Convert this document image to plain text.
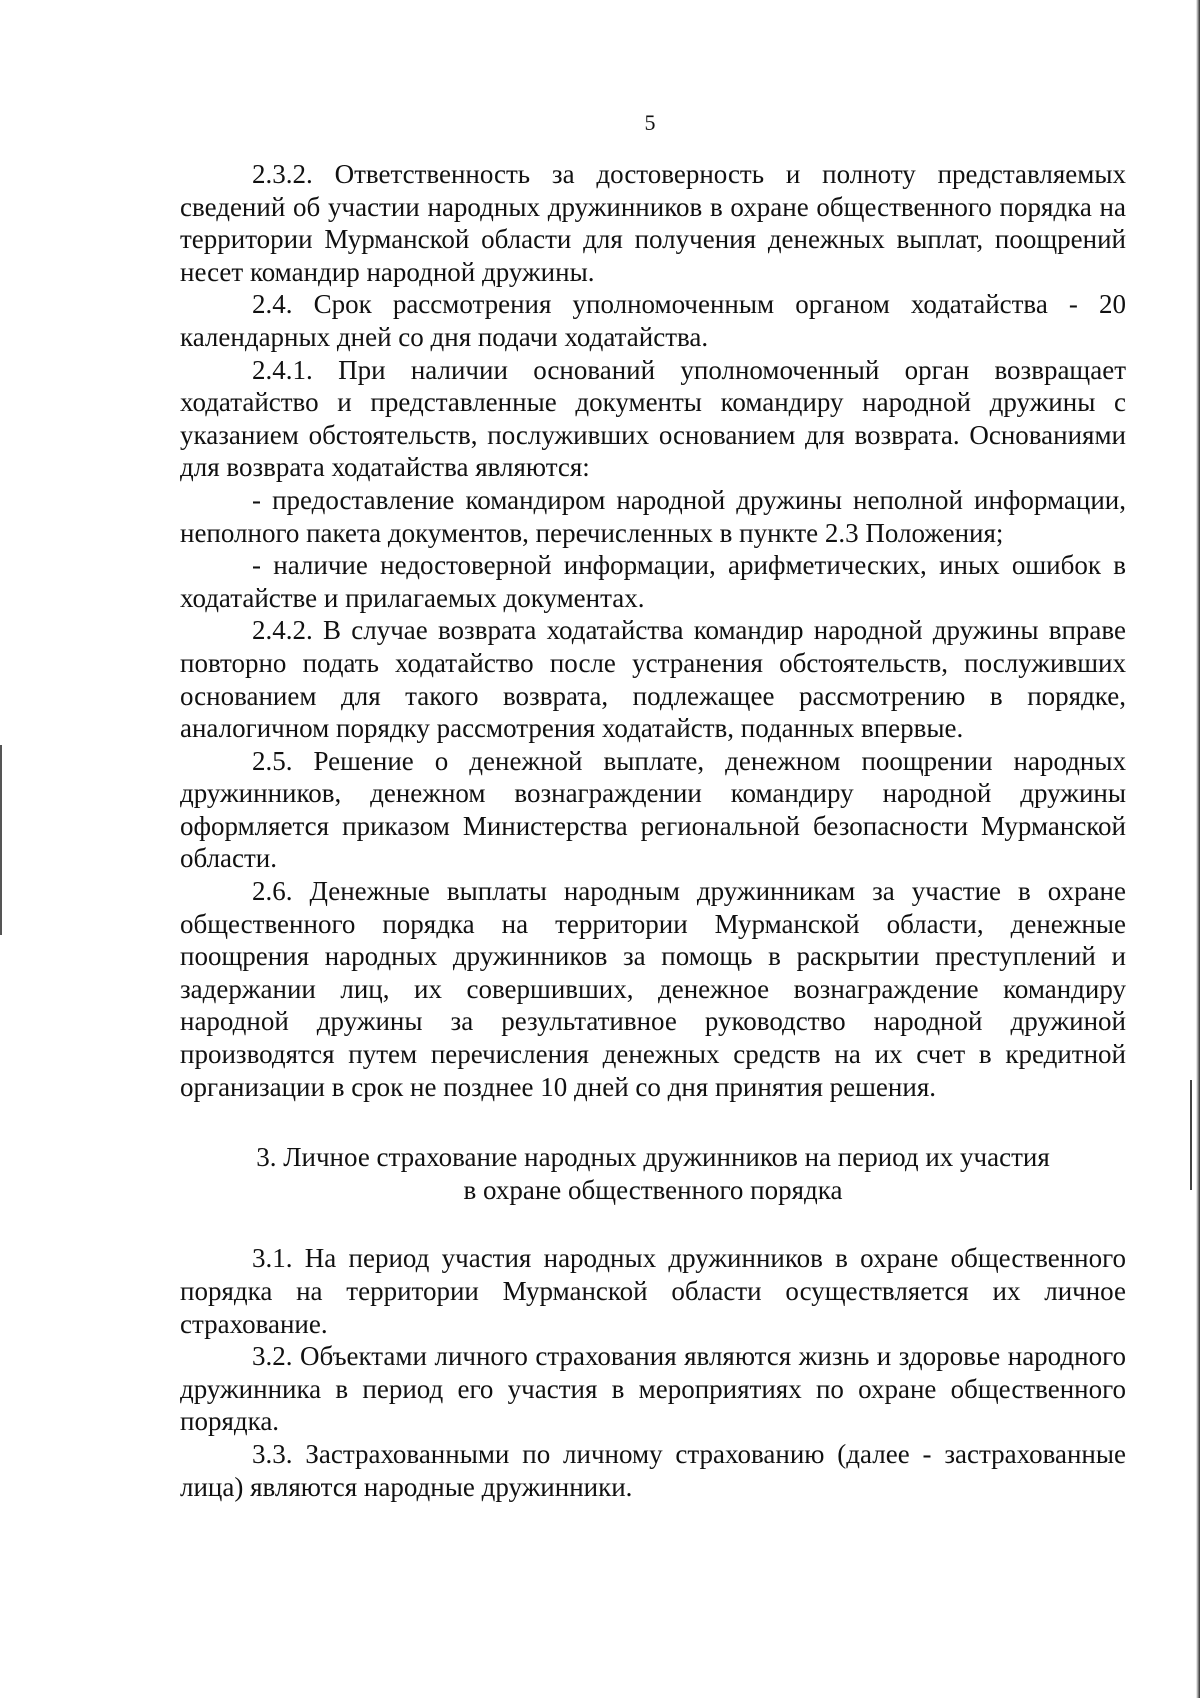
5

2.3.2. Ответственность за достоверность и полноту представляемых сведений об участии народных дружинников в охране общественного порядка на территории Мурманской области для получения денежных выплат, поощрений несет командир народной дружины.

2.4. Срок рассмотрения уполномоченным органом ходатайства - 20 календарных дней со дня подачи ходатайства.

2.4.1. При наличии оснований уполномоченный орган возвращает ходатайство и представленные документы командиру народной дружины с указанием обстоятельств, послуживших основанием для возврата. Основаниями для возврата ходатайства являются:

- предоставление командиром народной дружины неполной информации, неполного пакета документов, перечисленных в пункте 2.3 Положения;

- наличие недостоверной информации, арифметических, иных ошибок в ходатайстве и прилагаемых документах.

2.4.2. В случае возврата ходатайства командир народной дружины вправе повторно подать ходатайство после устранения обстоятельств, послуживших основанием для такого возврата, подлежащее рассмотрению в порядке, аналогичном порядку рассмотрения ходатайств, поданных впервые.

2.5. Решение о денежной выплате, денежном поощрении народных дружинников, денежном вознаграждении командиру народной дружины оформляется приказом Министерства региональной безопасности Мурманской области.

2.6. Денежные выплаты народным дружинникам за участие в охране общественного порядка на территории Мурманской области, денежные поощрения народных дружинников за помощь в раскрытии преступлений и задержании лиц, их совершивших, денежное вознаграждение командиру народной дружины за результативное руководство народной дружиной производятся путем перечисления денежных средств на их счет в кредитной организации в срок не позднее 10 дней со дня принятия решения.

3. Личное страхование народных дружинников на период их участия
в охране общественного порядка

3.1. На период участия народных дружинников в охране общественного порядка на территории Мурманской области осуществляется их личное страхование.

3.2. Объектами личного страхования являются жизнь и здоровье народного дружинника в период его участия в мероприятиях по охране общественного порядка.

3.3. Застрахованными по личному страхованию (далее - застрахованные лица) являются народные дружинники.
